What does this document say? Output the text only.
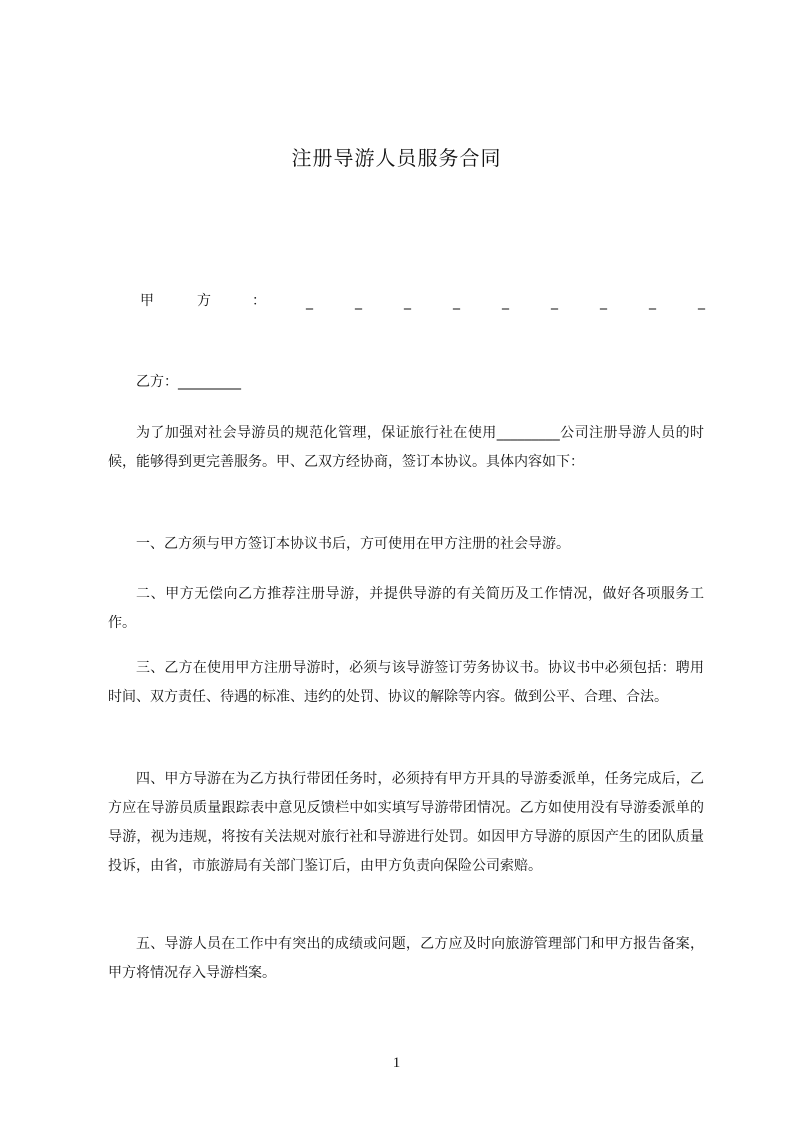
注册导游人员服务合同
甲	方	：	_	_	_	_	_	_	_	_	_
乙方：_________

为了加强对社会导游员的规范化管理，保证旅行社在使用_________公司注册导游人员的时候，能够得到更完善服务。甲、乙双方经协商，签订本协议。具体内容如下：

一、乙方须与甲方签订本协议书后，方可使用在甲方注册的社会导游。

二、甲方无偿向乙方推荐注册导游，并提供导游的有关简历及工作情况，做好各项服务工作。

三、乙方在使用甲方注册导游时，必须与该导游签订劳务协议书。协议书中必须包括：聘用时间、双方责任、待遇的标准、违约的处罚、协议的解除等内容。做到公平、合理、合法。

四、甲方导游在为乙方执行带团任务时，必须持有甲方开具的导游委派单，任务完成后，乙方应在导游员质量跟踪表中意见反馈栏中如实填写导游带团情况。乙方如使用没有导游委派单的导游，视为违规，将按有关法规对旅行社和导游进行处罚。如因甲方导游的原因产生的团队质量投诉，由省，市旅游局有关部门鉴订后，由甲方负责向保险公司索赔。

五、导游人员在工作中有突出的成绩或问题，乙方应及时向旅游管理部门和甲方报告备案，甲方将情况存入导游档案。

1
